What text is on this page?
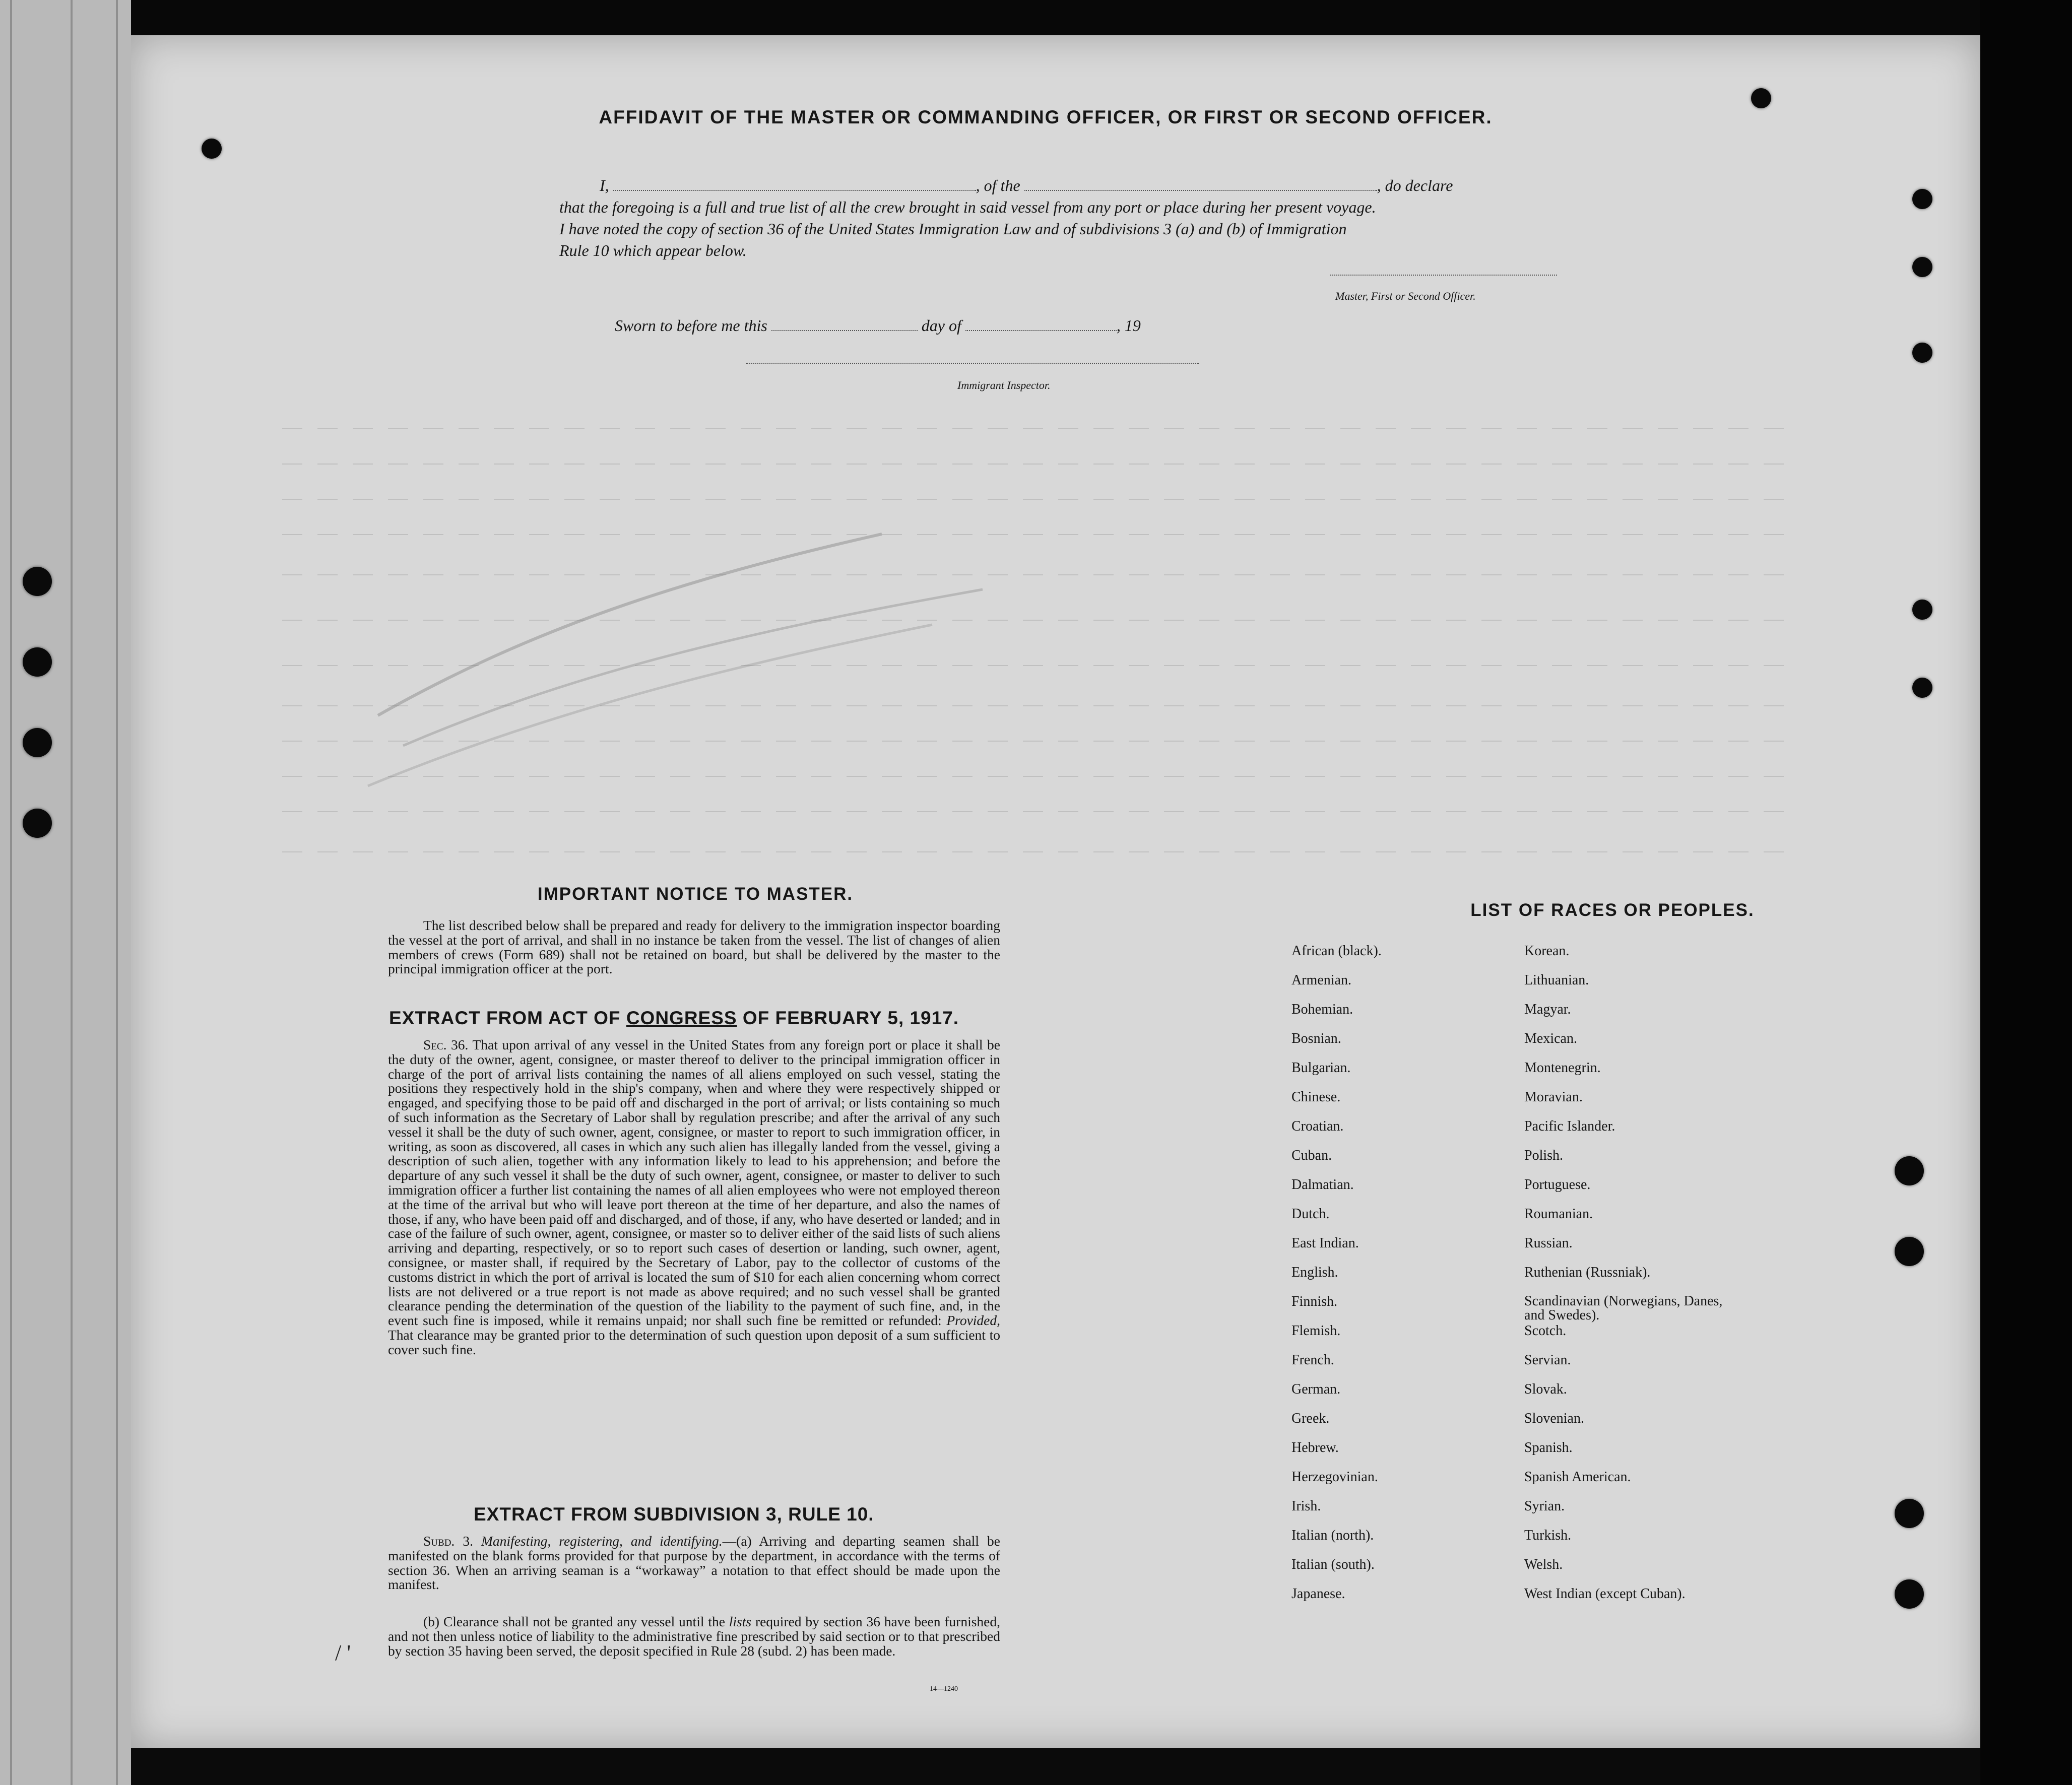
AFFIDAVIT OF THE MASTER OR COMMANDING OFFICER, OR FIRST OR SECOND OFFICER.
I,	, of the	, do declare
that the foregoing is a full and true list of all the crew brought in said vessel from any port or place during her present voyage.
I have noted the copy of section 36 of the United States Immigration Law and of subdivisions 3 (a) and (b) of Immigration
Rule 10 which appear below.
Master, First or Second Officer.
Sworn to before me this	day of	, 19
Immigrant Inspector.
IMPORTANT NOTICE TO MASTER.
The list described below shall be prepared and ready for delivery to the immigration inspector boarding the vessel at the port of arrival, and shall in no instance be taken from the vessel. The list of changes of alien members of crews (Form 689) shall not be retained on board, but shall be delivered by the master to the principal immigration officer at the port.
EXTRACT FROM ACT OF CONGRESS OF FEBRUARY 5, 1917.
Sec. 36. That upon arrival of any vessel in the United States from any foreign port or place it shall be the duty of the owner, agent, consignee, or master thereof to deliver to the principal immigration officer in charge of the port of arrival lists containing the names of all aliens employed on such vessel, stating the positions they respectively hold in the ship's company, when and where they were respectively shipped or engaged, and specifying those to be paid off and discharged in the port of arrival; or lists containing so much of such information as the Secretary of Labor shall by regulation prescribe; and after the arrival of any such vessel it shall be the duty of such owner, agent, consignee, or master to report to such immigration officer, in writing, as soon as discovered, all cases in which any such alien has illegally landed from the vessel, giving a description of such alien, together with any information likely to lead to his apprehension; and before the departure of any such vessel it shall be the duty of such owner, agent, consignee, or master to deliver to such immigration officer a further list containing the names of all alien employees who were not employed thereon at the time of the arrival but who will leave port thereon at the time of her departure, and also the names of those, if any, who have been paid off and discharged, and of those, if any, who have deserted or landed; and in case of the failure of such owner, agent, consignee, or master so to deliver either of the said lists of such aliens arriving and departing, respectively, or so to report such cases of desertion or landing, such owner, agent, consignee, or master shall, if required by the Secretary of Labor, pay to the collector of customs of the customs district in which the port of arrival is located the sum of $10 for each alien concerning whom correct lists are not delivered or a true report is not made as above required; and no such vessel shall be granted clearance pending the determination of the question of the liability to the payment of such fine, and, in the event such fine is imposed, while it remains unpaid; nor shall such fine be remitted or refunded: Provided, That clearance may be granted prior to the determination of such question upon deposit of a sum sufficient to cover such fine.
EXTRACT FROM SUBDIVISION 3, RULE 10.
Subd. 3. Manifesting, registering, and identifying.—(a) Arriving and departing seamen shall be manifested on the blank forms provided for that purpose by the department, in accordance with the terms of section 36. When an arriving seaman is a “workaway” a notation to that effect should be made upon the manifest.
(b) Clearance shall not be granted any vessel until the lists required by section 36 have been furnished, and not then unless notice of liability to the administrative fine prescribed by said section or to that prescribed by section 35 having been served, the deposit specified in Rule 28 (subd. 2) has been made.
14—1240
LIST OF RACES OR PEOPLES.
African (black).
Armenian.
Bohemian.
Bosnian.
Bulgarian.
Chinese.
Croatian.
Cuban.
Dalmatian.
Dutch.
East Indian.
English.
Finnish.
Flemish.
French.
German.
Greek.
Hebrew.
Herzegovinian.
Irish.
Italian (north).
Italian (south).
Japanese.
Korean.
Lithuanian.
Magyar.
Mexican.
Montenegrin.
Moravian.
Pacific Islander.
Polish.
Portuguese.
Roumanian.
Russian.
Ruthenian (Russniak).
Scandinavian (Norwegians, Danes, and Swedes).
Scotch.
Servian.
Slovak.
Slovenian.
Spanish.
Spanish American.
Syrian.
Turkish.
Welsh.
West Indian (except Cuban).
/ '
